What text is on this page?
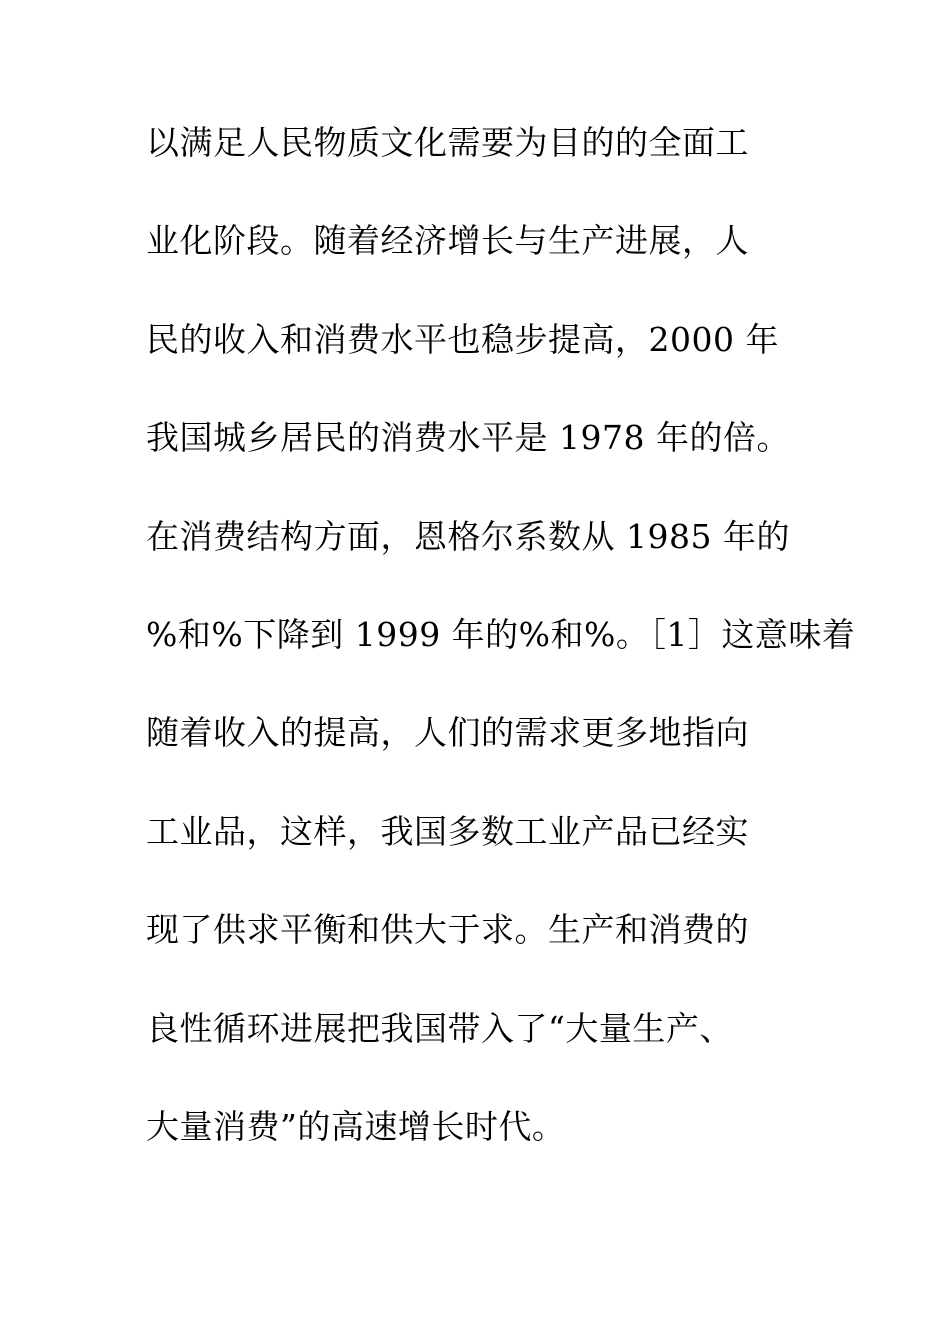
以满足人民物质文化需要为目的的全面工
业化阶段。随着经济增长与生产进展，人
民的收入和消费水平也稳步提高，2000 年
我国城乡居民的消费水平是 1978 年的倍。
在消费结构方面，恩格尔系数从 1985 年的
%和%下降到 1999 年的%和%。［1］这意味着
随着收入的提高，人们的需求更多地指向
工业品，这样，我国多数工业产品已经实
现了供求平衡和供大于求。生产和消费的
良性循环进展把我国带入了“大量生产、
大量消费”的高速增长时代。
